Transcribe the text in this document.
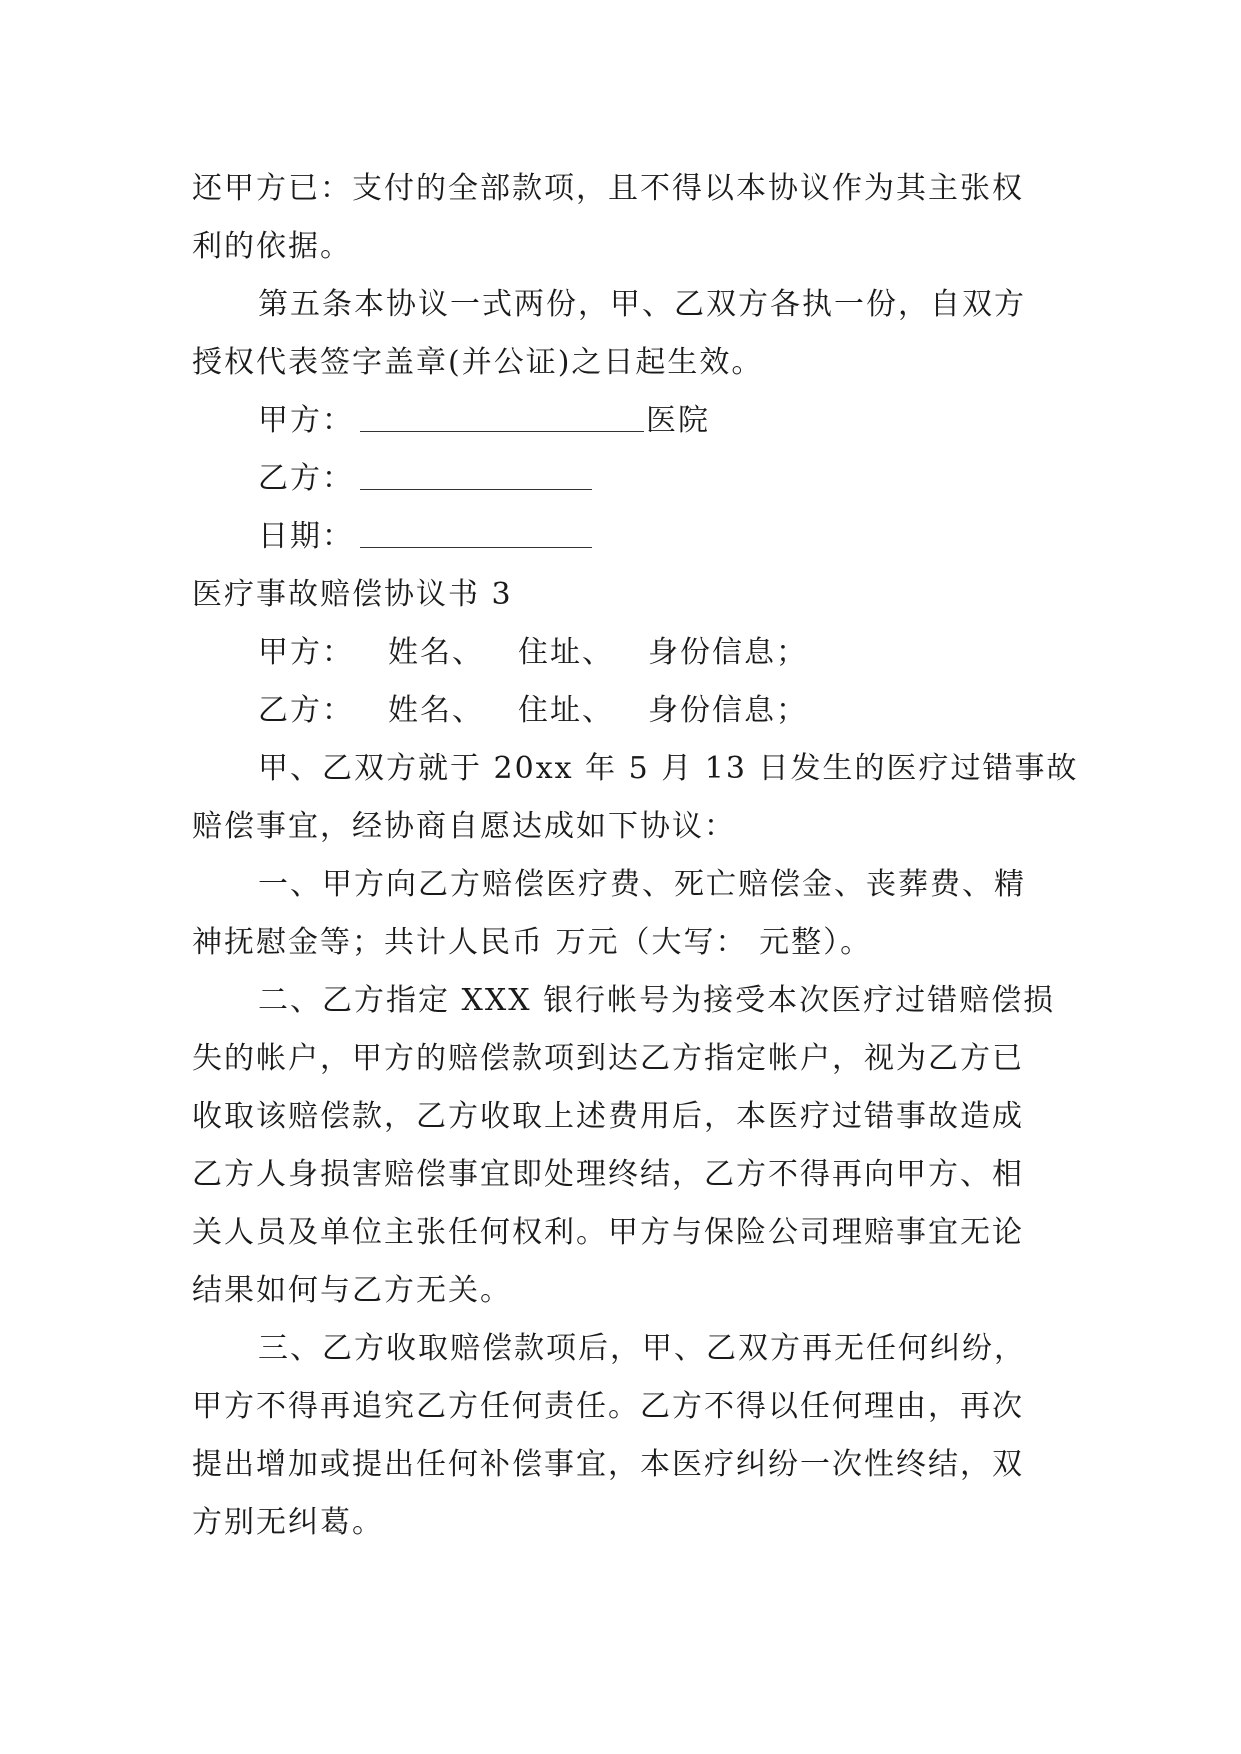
还甲方已：支付的全部款项，且不得以本协议作为其主张权
利的依据。
第五条本协议一式两份，甲、乙双方各执一份，自双方
授权代表签字盖章(并公证)之日起生效。
甲方：	医院
乙方：
日期：
医疗事故赔偿协议书 3
甲方： 姓名、 住址、 身份信息；
乙方： 姓名、 住址、 身份信息；
甲、乙双方就于 20xx 年 5 月 13 日发生的医疗过错事故
赔偿事宜，经协商自愿达成如下协议：
一、甲方向乙方赔偿医疗费、死亡赔偿金、丧葬费、精
神抚慰金等；共计人民币 万元（大写： 元整）。
二、乙方指定 XXX 银行帐号为接受本次医疗过错赔偿损
失的帐户，甲方的赔偿款项到达乙方指定帐户，视为乙方已
收取该赔偿款，乙方收取上述费用后，本医疗过错事故造成
乙方人身损害赔偿事宜即处理终结，乙方不得再向甲方、相
关人员及单位主张任何权利。甲方与保险公司理赔事宜无论
结果如何与乙方无关。
三、乙方收取赔偿款项后，甲、乙双方再无任何纠纷，
甲方不得再追究乙方任何责任。乙方不得以任何理由，再次
提出增加或提出任何补偿事宜，本医疗纠纷一次性终结，双
方别无纠葛。
